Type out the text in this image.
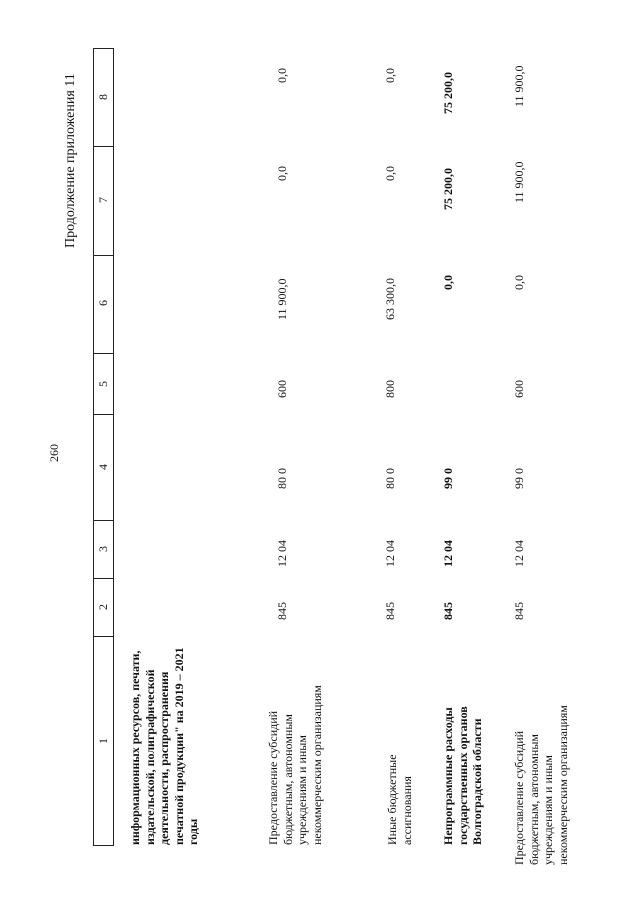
260
Продолжение приложения 11 8
7
6
5
4
3
2
1 информационных ресурсов, печати, издательской, полиграфической деятельности, распространения печатной продукции" на 2019 – 2021 годы	Предоставление субсидий бюджетным, автономным учреждениям и иным некоммерческим организациям
845
12 04
80 0
600
11 900,0
0,0
0,0
Иные бюджетные ассигнования
845
12 04
80 0
800
63 300,0
0,0
0,0
Непрограммные расходы государственных органов Волгоградской области
845
12 04
99 0
0,0
75 200,0
75 200,0
Предоставление субсидий бюджетным, автономным учреждениям и иным некоммерческим организациям
845
12 04
99 0
600
0,0
11 900,0
11 900,0
